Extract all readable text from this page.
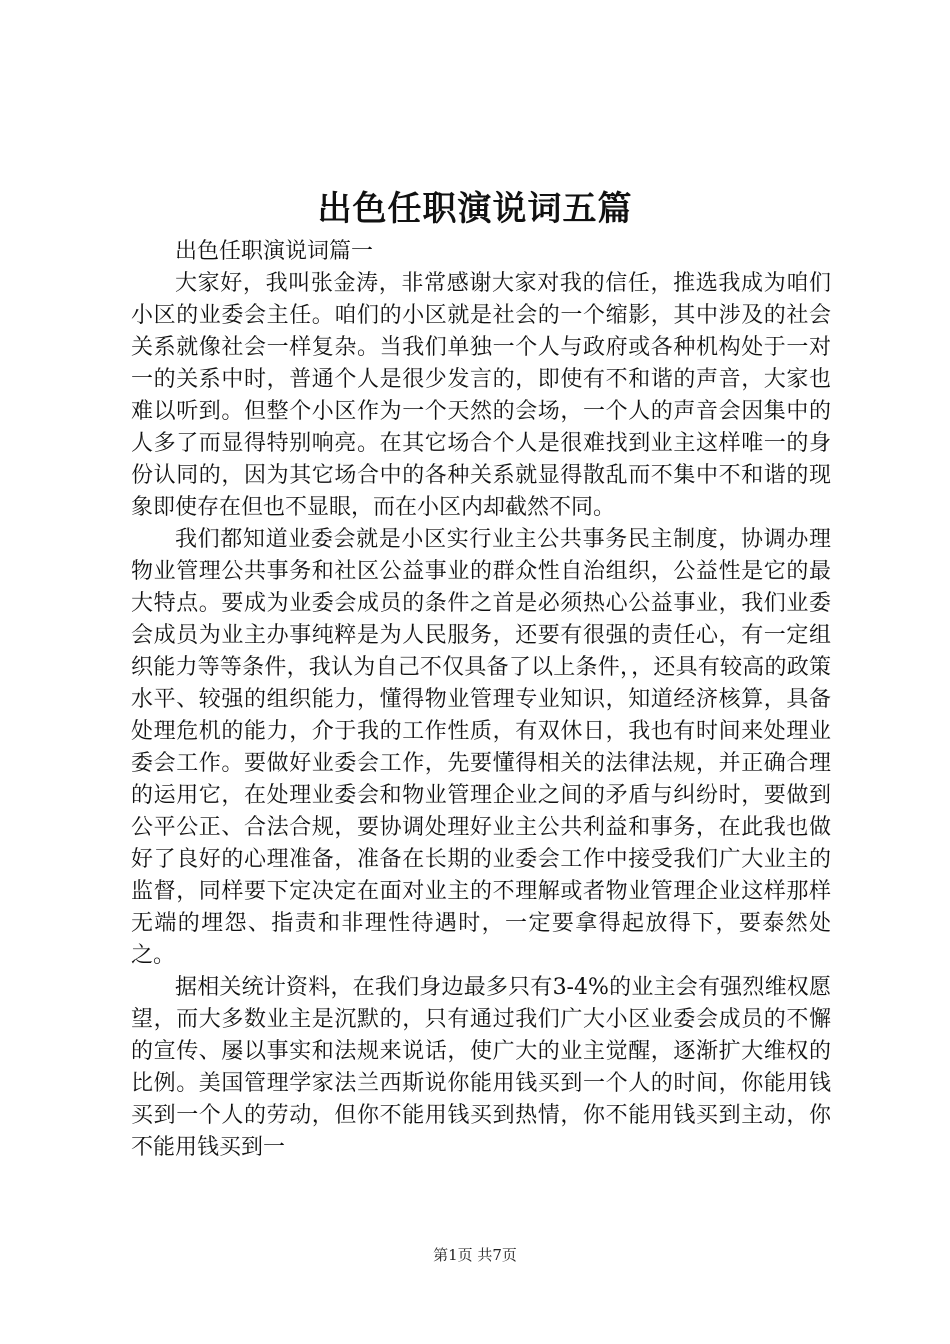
出色任职演说词五篇

出色任职演说词篇一

大家好，我叫张金涛，非常感谢大家对我的信任，推选我成为咱们小区的业委会主任。咱们的小区就是社会的一个缩影，其中涉及的社会关系就像社会一样复杂。当我们单独一个人与政府或各种机构处于一对一的关系中时，普通个人是很少发言的，即使有不和谐的声音，大家也难以听到。但整个小区作为一个天然的会场，一个人的声音会因集中的人多了而显得特别响亮。在其它场合个人是很难找到业主这样唯一的身份认同的，因为其它场合中的各种关系就显得散乱而不集中不和谐的现象即使存在但也不显眼，而在小区内却截然不同。

我们都知道业委会就是小区实行业主公共事务民主制度，协调办理物业管理公共事务和社区公益事业的群众性自治组织，公益性是它的最大特点。要成为业委会成员的条件之首是必须热心公益事业，我们业委会成员为业主办事纯粹是为人民服务，还要有很强的责任心，有一定组织能力等等条件，我认为自己不仅具备了以上条件，，还具有较高的政策水平、较强的组织能力，懂得物业管理专业知识，知道经济核算，具备处理危机的能力，介于我的工作性质，有双休日，我也有时间来处理业委会工作。要做好业委会工作，先要懂得相关的法律法规，并正确合理的运用它，在处理业委会和物业管理企业之间的矛盾与纠纷时，要做到公平公正、合法合规，要协调处理好业主公共利益和事务，在此我也做好了良好的心理准备，准备在长期的业委会工作中接受我们广大业主的监督，同样要下定决定在面对业主的不理解或者物业管理企业这样那样无端的埋怨、指责和非理性待遇时，一定要拿得起放得下，要泰然处之。

据相关统计资料，在我们身边最多只有3-4%的业主会有强烈维权愿望，而大多数业主是沉默的，只有通过我们广大小区业委会成员的不懈的宣传、屡以事实和法规来说话，使广大的业主觉醒，逐渐扩大维权的比例。美国管理学家法兰西斯说你能用钱买到一个人的时间，你能用钱买到一个人的劳动，但你不能用钱买到热情，你不能用钱买到主动，你不能用钱买到一

第1页 共7页
